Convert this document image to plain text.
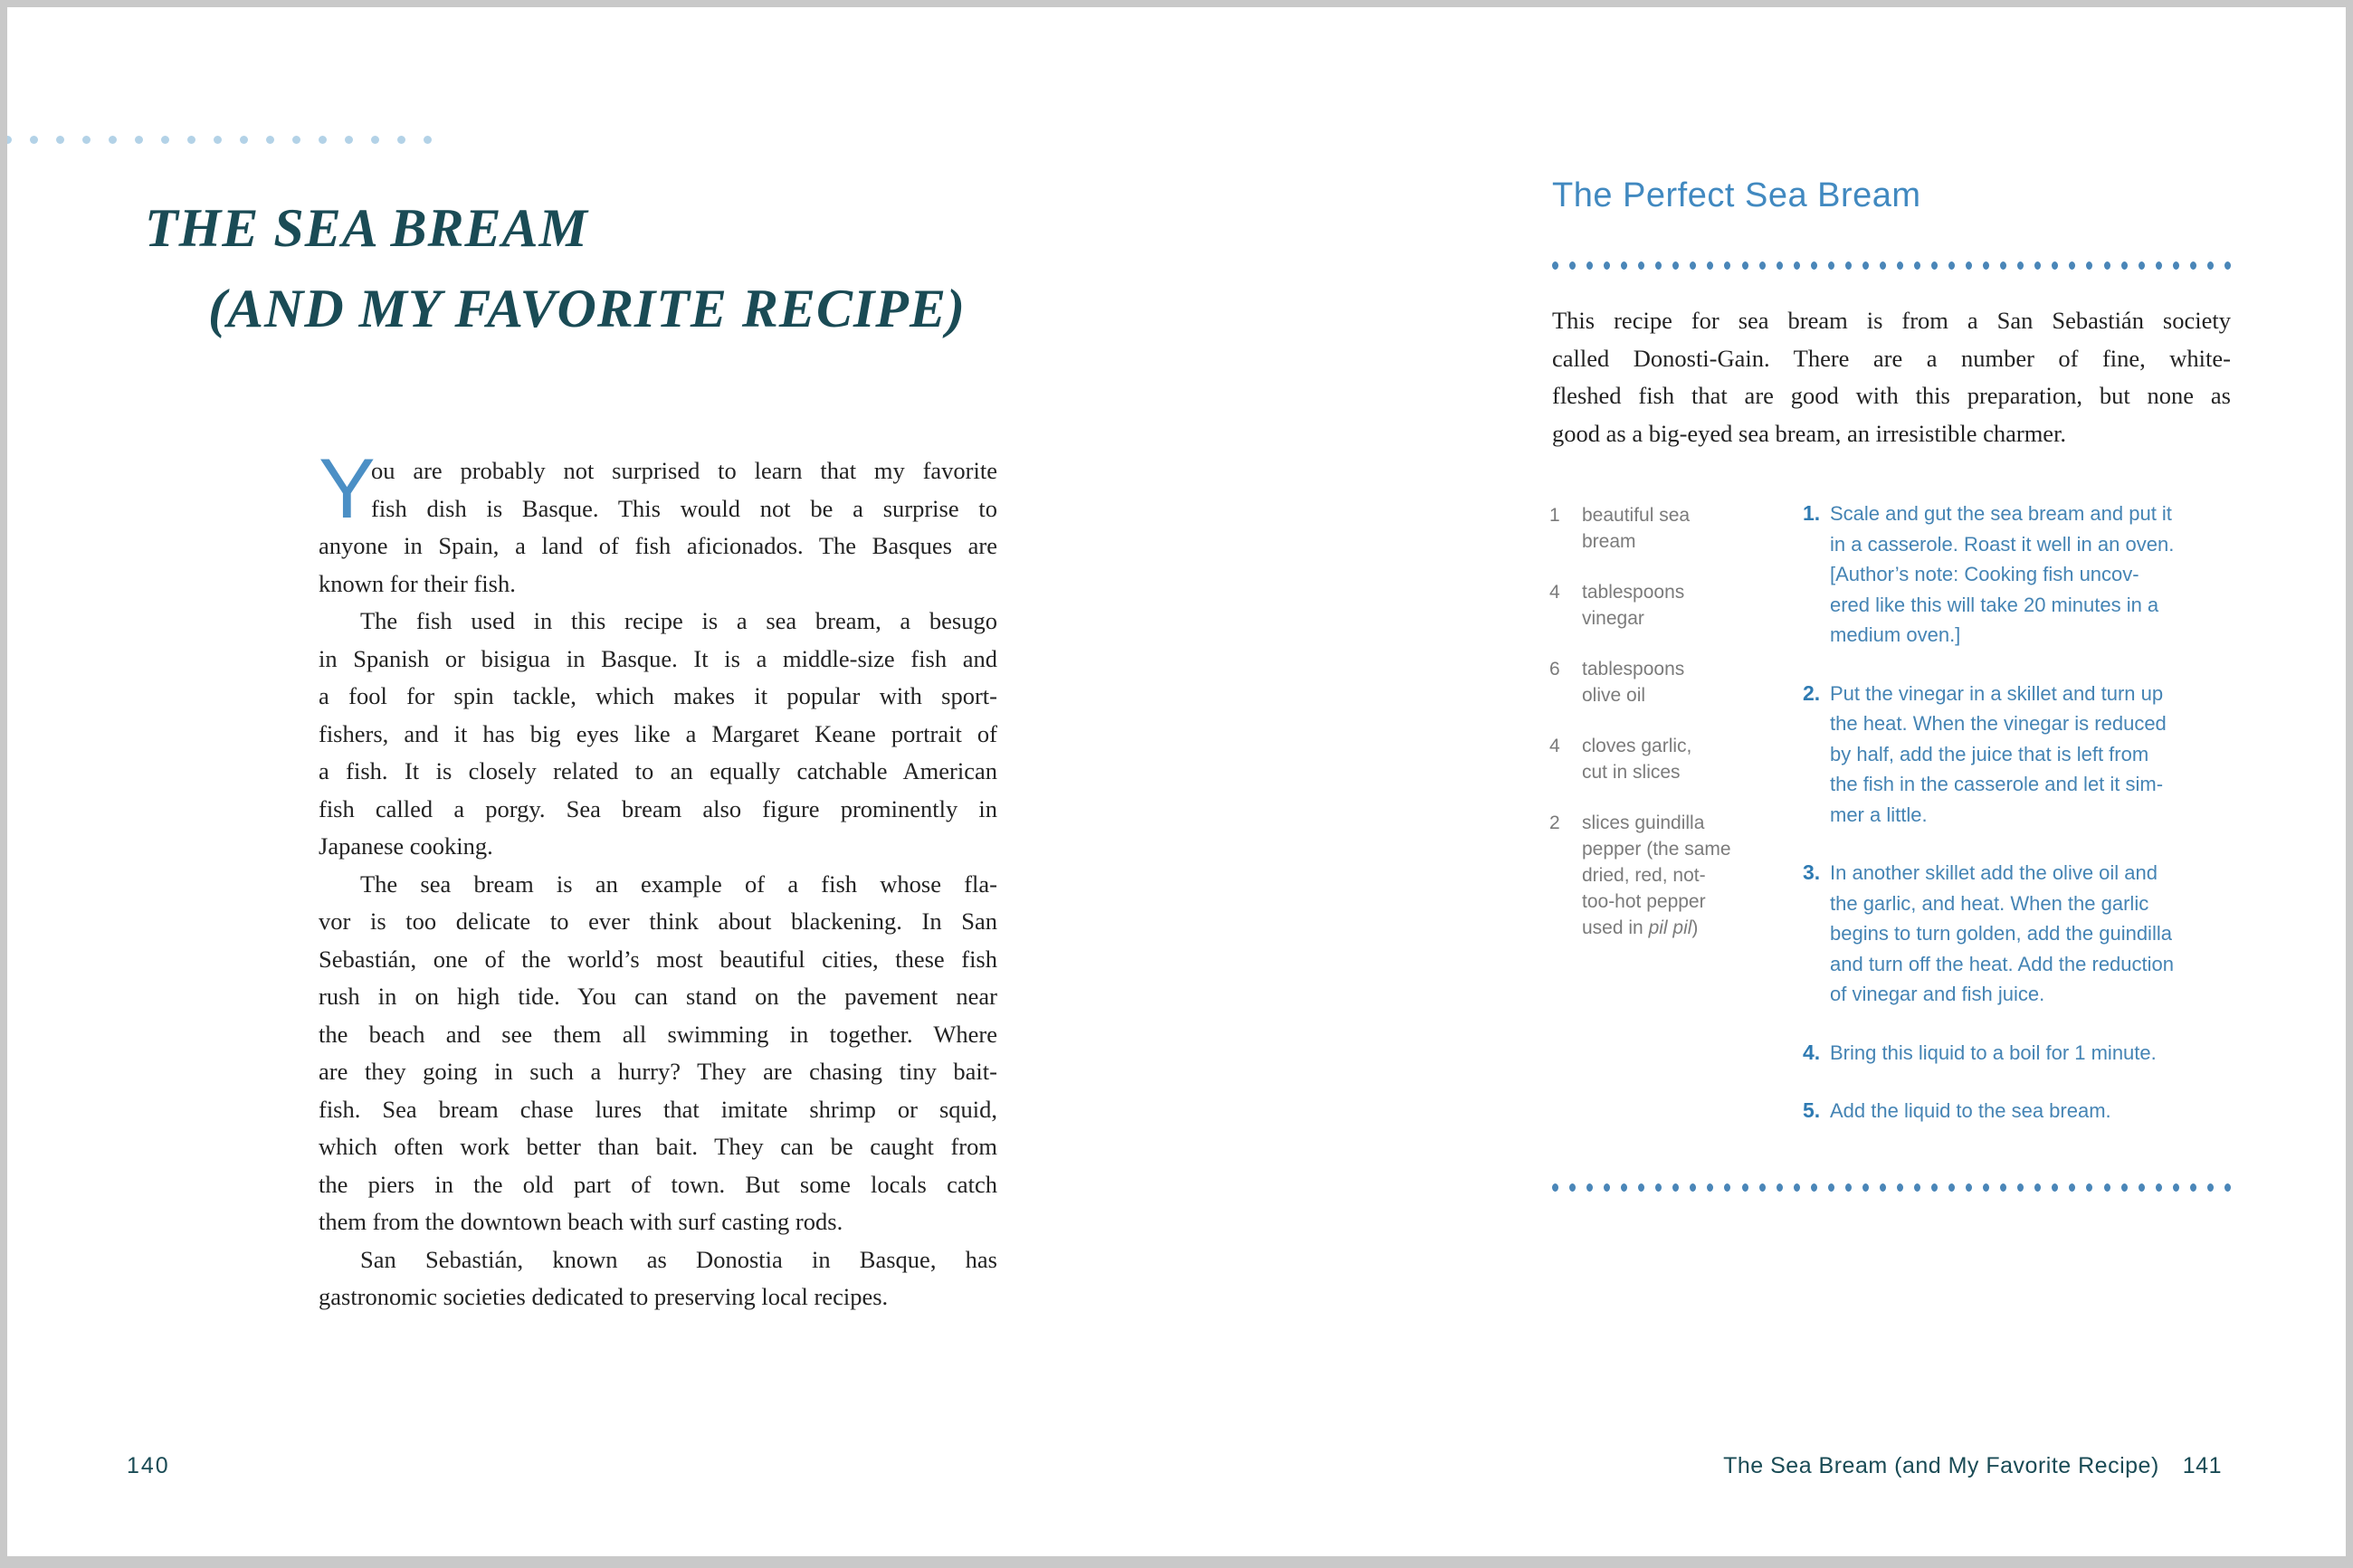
THE SEA BREAM
(AND MY FAVORITE RECIPE)
Y
ou are probably not surprised to learn that my favorite
fish dish is Basque. This would not be a surprise to
anyone in Spain, a land of fish aficionados. The Basques are
known for their fish.
The fish used in this recipe is a sea bream, a besugo
in Spanish or bisigua in Basque. It is a middle-size fish and
a fool for spin tackle, which makes it popular with sport-
fishers, and it has big eyes like a Margaret Keane portrait of
a fish. It is closely related to an equally catchable American
fish called a porgy. Sea bream also figure prominently in
Japanese cooking.
The sea bream is an example of a fish whose fla-
vor is too delicate to ever think about blackening. In San
Sebastián, one of the world’s most beautiful cities, these fish
rush in on high tide. You can stand on the pavement near
the beach and see them all swimming in together. Where
are they going in such a hurry? They are chasing tiny bait-
fish. Sea bream chase lures that imitate shrimp or squid,
which often work better than bait. They can be caught from
the piers in the old part of town. But some locals catch
them from the downtown beach with surf casting rods.
San Sebastián, known as Donostia in Basque, has
gastronomic societies dedicated to preserving local recipes.
140
The Perfect Sea Bream
This recipe for sea bream is from a San Sebastián society
called Donosti-Gain. There are a number of fine, white-
fleshed fish that are good with this preparation, but none as
good as a big-eyed sea bream, an irresistible charmer.
1	beautiful sea
bream
4	tablespoons
vinegar
6	tablespoons
olive oil
4	cloves garlic,
cut in slices
2	slices guindilla
pepper (the same
dried, red, not-
too-hot pepper
used in pil pil)
1. Scale and gut the sea bream and put it
in a casserole. Roast it well in an oven.
[Author’s note: Cooking fish uncov-
ered like this will take 20 minutes in a
medium oven.]
2. Put the vinegar in a skillet and turn up
the heat. When the vinegar is reduced
by half, add the juice that is left from
the fish in the casserole and let it sim-
mer a little.
3. In another skillet add the olive oil and
the garlic, and heat. When the garlic
begins to turn golden, add the guindilla
and turn off the heat. Add the reduction
of vinegar and fish juice.
4. Bring this liquid to a boil for 1 minute.
5. Add the liquid to the sea bream.
The Sea Bream (and My Favorite Recipe) 141
